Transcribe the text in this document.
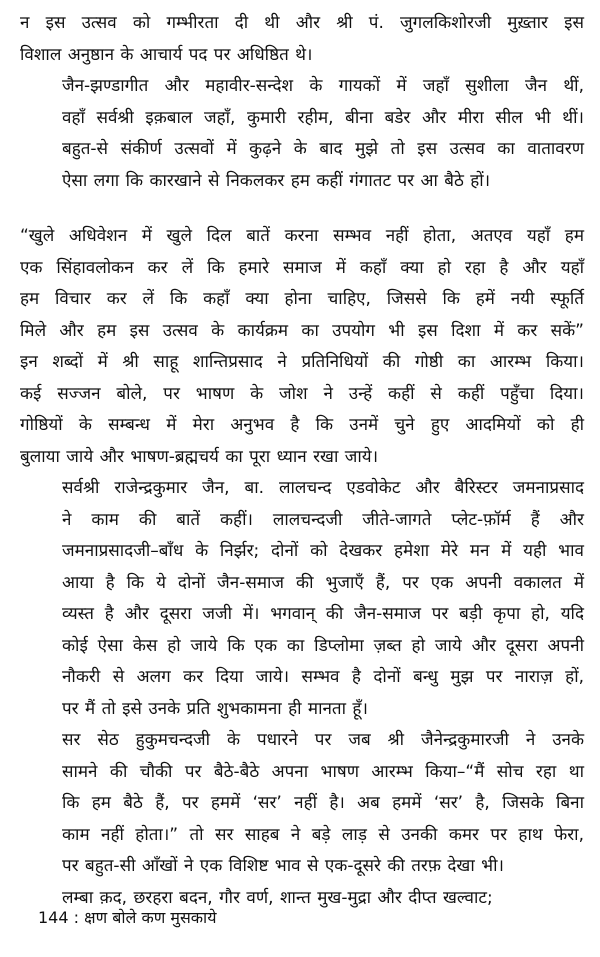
न इस उत्सव को गम्भीरता दी थी और श्री पं. जुगलकिशोरजी मुख़्तार इस
विशाल अनुष्ठान के आचार्य पद पर अधिष्ठित थे।

जैन-झण्डागीत और महावीर-सन्देश के गायकों में जहाँ सुशीला जैन थीं,
वहाँ सर्वश्री इक़बाल जहाँ, कुमारी रहीम, बीना बडेर और मीरा सील भी थीं।
बहुत-से संकीर्ण उत्सवों में कुढ़ने के बाद मुझे तो इस उत्सव का वातावरण
ऐसा लगा कि कारखाने से निकलकर हम कहीं गंगातट पर आ बैठे हों।

“खुले अधिवेशन में खुले दिल बातें करना सम्भव नहीं होता, अतएव यहाँ हम
एक सिंहावलोकन कर लें कि हमारे समाज में कहाँ क्या हो रहा है और यहाँ
हम विचार कर लें कि कहाँ क्या होना चाहिए, जिससे कि हमें नयी स्फूर्ति
मिले और हम इस उत्सव के कार्यक्रम का उपयोग भी इस दिशा में कर सकें”
इन शब्दों में श्री साहू शान्तिप्रसाद ने प्रतिनिधियों की गोष्ठी का आरम्भ किया।
कई सज्जन बोले, पर भाषण के जोश ने उन्हें कहीं से कहीं पहुँचा दिया।
गोष्ठियों के सम्बन्ध में मेरा अनुभव है कि उनमें चुने हुए आदमियों को ही
बुलाया जाये और भाषण-ब्रह्मचर्य का पूरा ध्यान रखा जाये।

सर्वश्री राजेन्द्रकुमार जैन, बा. लालचन्द एडवोकेट और बैरिस्टर जमनाप्रसाद
ने काम की बातें कहीं। लालचन्दजी जीते-जागते प्लेट-फ़ॉर्म हैं और
जमनाप्रसादजी–बाँध के निर्झर; दोनों को देखकर हमेशा मेरे मन में यही भाव
आया है कि ये दोनों जैन-समाज की भुजाएँ हैं, पर एक अपनी वकालत में
व्यस्त है और दूसरा जजी में। भगवान् की जैन-समाज पर बड़ी कृपा हो, यदि
कोई ऐसा केस हो जाये कि एक का डिप्लोमा ज़ब्त हो जाये और दूसरा अपनी
नौकरी से अलग कर दिया जाये। सम्भव है दोनों बन्धु मुझ पर नाराज़ हों,
पर मैं तो इसे उनके प्रति शुभकामना ही मानता हूँ।

सर सेठ हुकुमचन्दजी के पधारने पर जब श्री जैनेन्द्रकुमारजी ने उनके
सामने की चौकी पर बैठे-बैठे अपना भाषण आरम्भ किया–“मैं सोच रहा था
कि हम बैठे हैं, पर हममें ‘सर’ नहीं है। अब हममें ‘सर’ है, जिसके बिना
काम नहीं होता।” तो सर साहब ने बड़े लाड़ से उनकी कमर पर हाथ फेरा,
पर बहुत-सी आँखों ने एक विशिष्ट भाव से एक-दूसरे की तरफ़ देखा भी।

लम्बा क़द, छरहरा बदन, गौर वर्ण, शान्त मुख-मुद्रा और दीप्त खल्वाट;

144 : क्षण बोले कण मुसकाये
